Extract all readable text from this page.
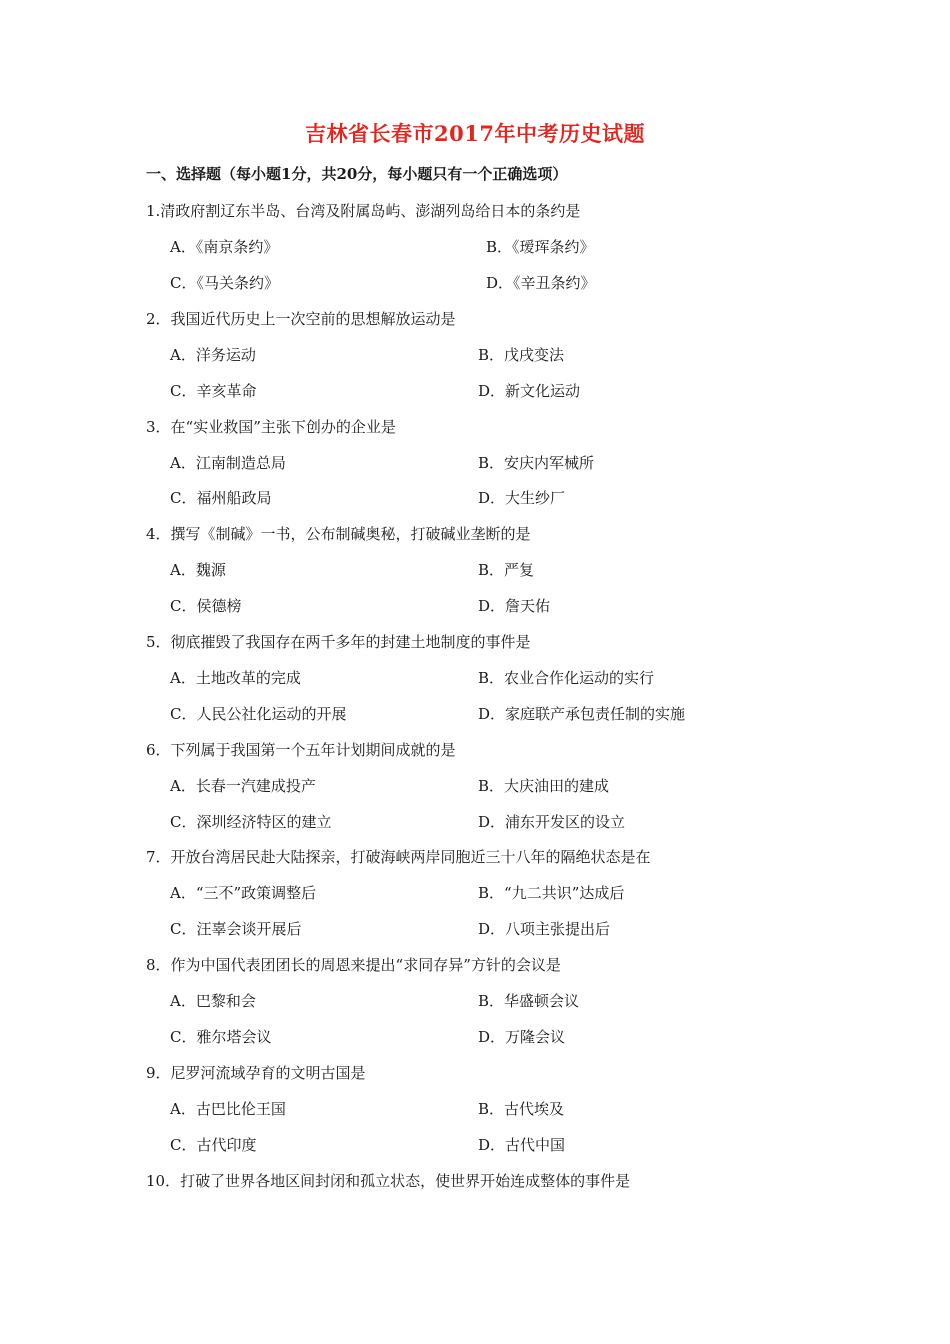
吉林省长春市2017年中考历史试题
一、选择题（每小题1分，共20分，每小题只有一个正确选项）
1.清政府割辽东半岛、台湾及附属岛屿、澎湖列岛给日本的条约是
A．《南京条约》	B．《瑷珲条约》
C．《马关条约》	D．《辛丑条约》
2．我国近代历史上一次空前的思想解放运动是
A．洋务运动	B．戊戌变法
C．辛亥革命	D．新文化运动
3．在“实业救国”主张下创办的企业是
A．江南制造总局	B．安庆内军械所
C．福州船政局	D．大生纱厂
4．撰写《制碱》一书，公布制碱奥秘，打破碱业垄断的是
A．魏源	B．严复
C．侯德榜	D．詹天佑
5．彻底摧毁了我国存在两千多年的封建土地制度的事件是
A．土地改革的完成	B．农业合作化运动的实行
C．人民公社化运动的开展	D．家庭联产承包责任制的实施
6．下列属于我国第一个五年计划期间成就的是
A．长春一汽建成投产	B．大庆油田的建成
C．深圳经济特区的建立	D．浦东开发区的设立
7．开放台湾居民赴大陆探亲，打破海峡两岸同胞近三十八年的隔绝状态是在
A．“三不”政策调整后	B．“九二共识”达成后
C．汪辜会谈开展后	D．八项主张提出后
8．作为中国代表团团长的周恩来提出“求同存异”方针的会议是
A．巴黎和会	B．华盛顿会议
C．雅尔塔会议	D．万隆会议
9．尼罗河流域孕育的文明古国是
A．古巴比伦王国	B．古代埃及
C．古代印度	D．古代中国
10．打破了世界各地区间封闭和孤立状态，使世界开始连成整体的事件是
